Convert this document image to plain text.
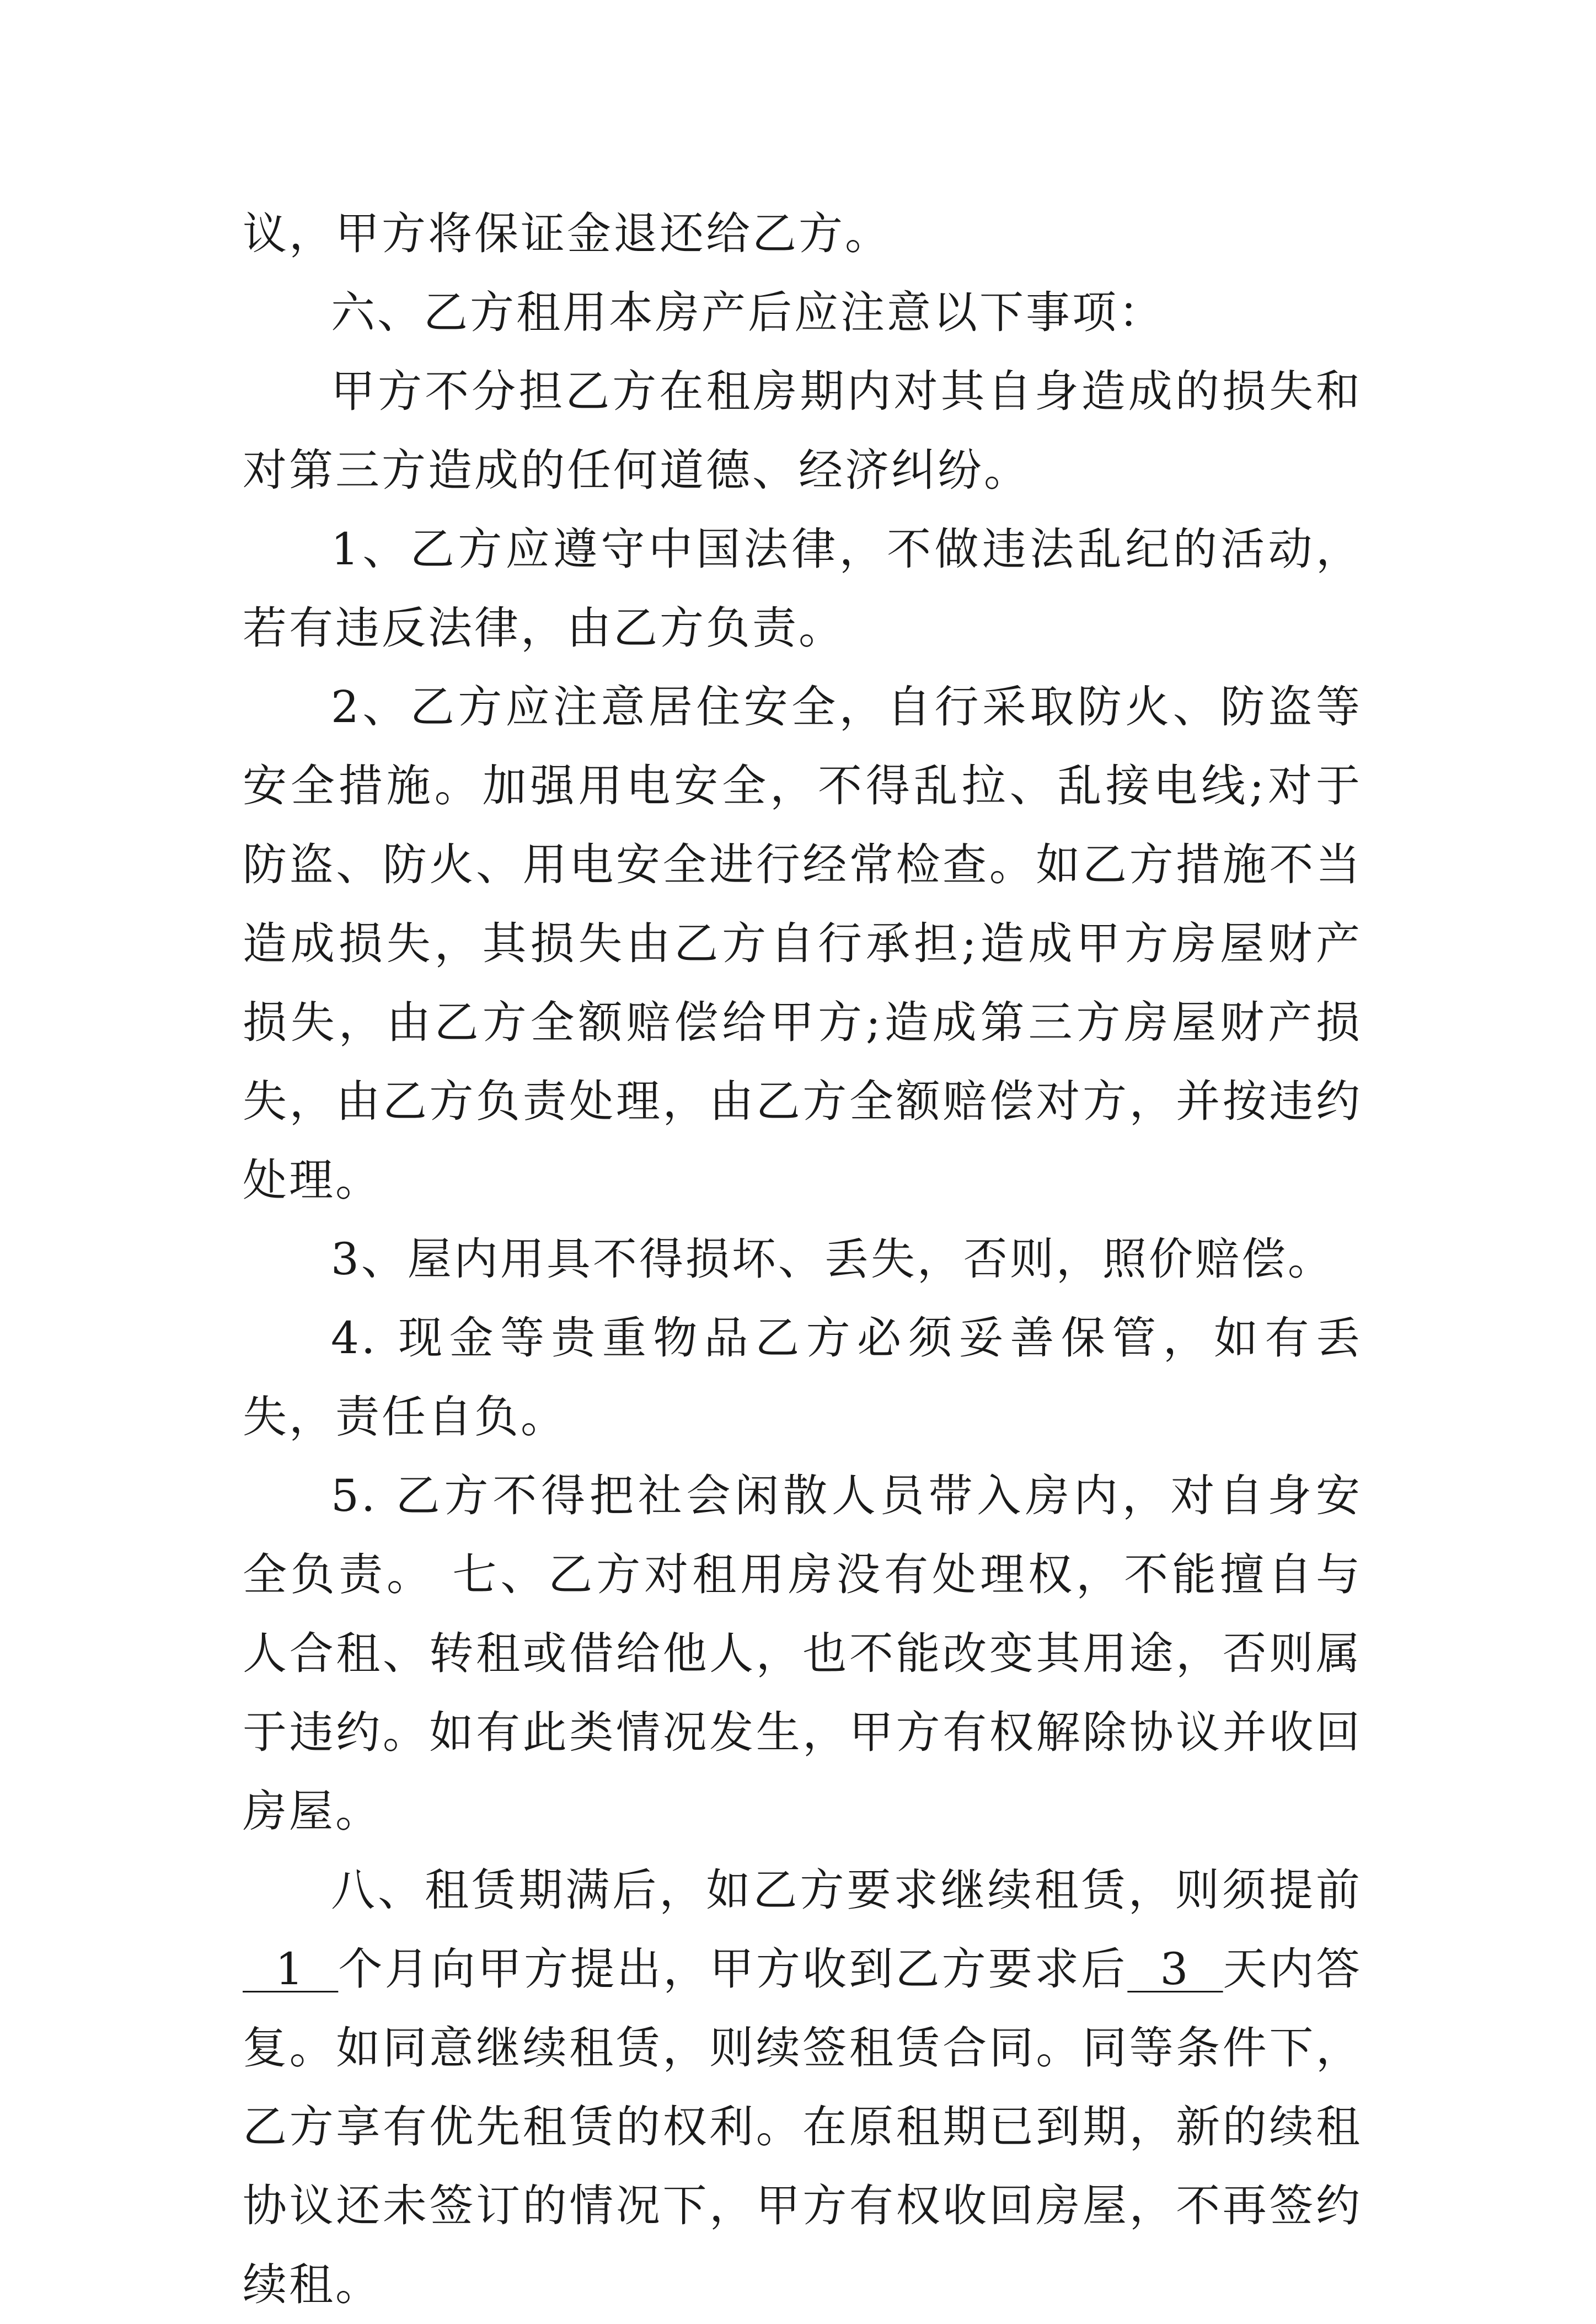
议，甲方将保证金退还给乙方。

六、乙方租用本房产后应注意以下事项：

甲方不分担乙方在租房期内对其自身造成的损失和对第三方造成的任何道德、经济纠纷。

1、乙方应遵守中国法律，不做违法乱纪的活动，若有违反法律，由乙方负责。

2、乙方应注意居住安全，自行采取防火、防盗等安全措施。加强用电安全，不得乱拉、乱接电线;对于防盗、防火、用电安全进行经常检查。如乙方措施不当造成损失，其损失由乙方自行承担;造成甲方房屋财产损失，由乙方全额赔偿给甲方;造成第三方房屋财产损失，由乙方负责处理，由乙方全额赔偿对方，并按违约处理。

3、屋内用具不得损坏、丢失，否则，照价赔偿。

4. 现金等贵重物品乙方必须妥善保管，如有丢失，责任自负。

5. 乙方不得把社会闲散人员带入房内，对自身安全负责。 七、乙方对租用房没有处理权，不能擅自与人合租、转租或借给他人，也不能改变其用途，否则属于违约。如有此类情况发生，甲方有权解除协议并收回房屋。

八、租赁期满后，如乙方要求继续租赁，则须提前  1  个月向甲方提出，甲方收到乙方要求后  3  天内答复。如同意继续租赁，则续签租赁合同。同等条件下，乙方享有优先租赁的权利。在原租期已到期，新的续租协议还未签订的情况下，甲方有权收回房屋，不再签约续租。
